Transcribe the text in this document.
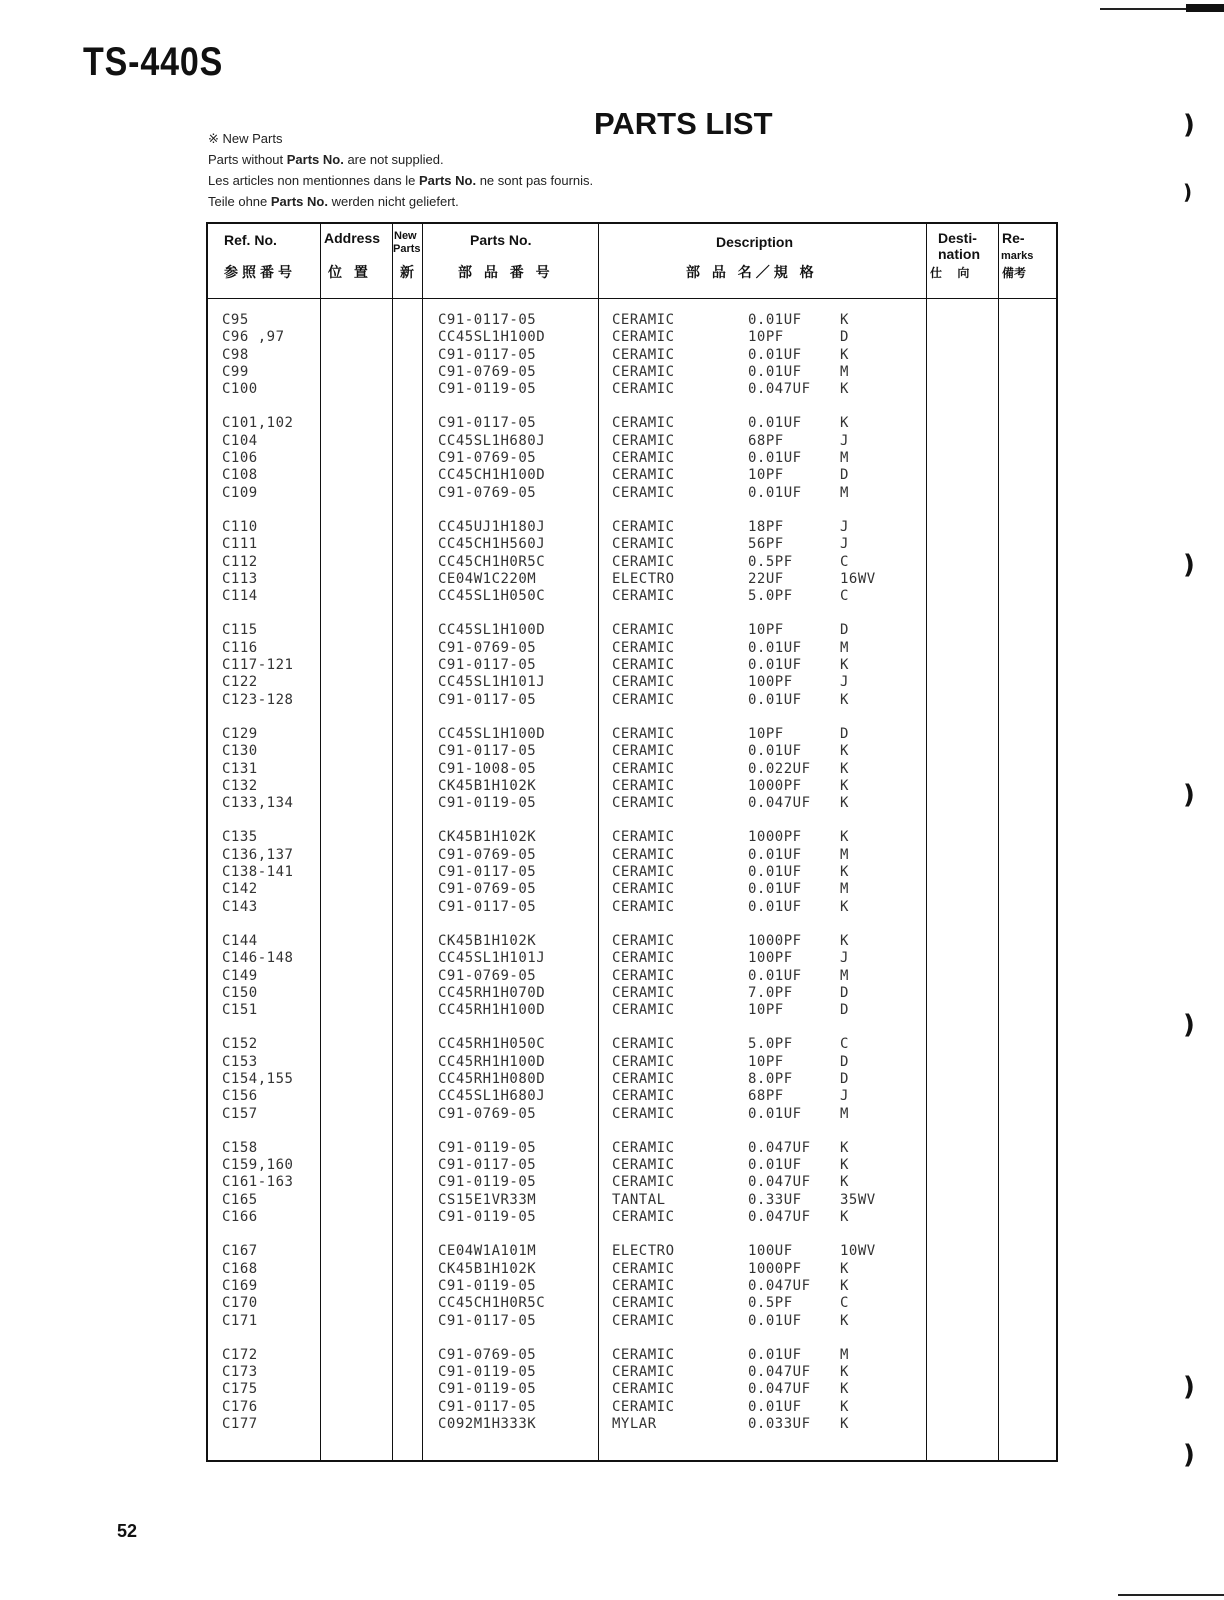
)
)
)
)
)
)
)
TS-440S
PARTS LIST
※ New Parts
Parts without Parts No. are not supplied.
Les articles non mentionnes dans le Parts No. ne sont pas fournis.
Teile ohne Parts No. werden nicht geliefert.
Ref. No.
参照番号
Address
位 置
New
Parts
新
Parts No.
部 品 番 号
Description
部 品 名／規 格
Desti-
nation
仕 向
Re-
marks
備考
C95	C91-0117-05	CERAMIC	0.01UF	K
C96 ,97	CC45SL1H100D	CERAMIC	10PF	D
C98	C91-0117-05	CERAMIC	0.01UF	K
C99	C91-0769-05	CERAMIC	0.01UF	M
C100	C91-0119-05	CERAMIC	0.047UF K
C101,102	C91-0117-05	CERAMIC	0.01UF	K
C104	CC45SL1H680J	CERAMIC	68PF	J
C106	C91-0769-05	CERAMIC	0.01UF	M
C108	CC45CH1H100D	CERAMIC	10PF	D
C109	C91-0769-05	CERAMIC	0.01UF	M
C110	CC45UJ1H180J	CERAMIC	18PF	J
C111	CC45CH1H560J	CERAMIC	56PF	J
C112	CC45CH1H0R5C	CERAMIC	0.5PF	C
C113	CE04W1C220M	ELECTRO	22UF	16WV
C114	CC45SL1H050C	CERAMIC	5.0PF	C
C115	CC45SL1H100D	CERAMIC	10PF	D
C116	C91-0769-05	CERAMIC	0.01UF	M
C117-121	C91-0117-05	CERAMIC	0.01UF	K
C122	CC45SL1H101J	CERAMIC	100PF	J
C123-128	C91-0117-05	CERAMIC	0.01UF	K
C129	CC45SL1H100D	CERAMIC	10PF	D
C130	C91-0117-05	CERAMIC	0.01UF	K
C131	C91-1008-05	CERAMIC	0.022UF K
C132	CK45B1H102K	CERAMIC	1000PF	K
C133,134	C91-0119-05	CERAMIC	0.047UF K
C135	CK45B1H102K	CERAMIC	1000PF	K
C136,137	C91-0769-05	CERAMIC	0.01UF	M
C138-141	C91-0117-05	CERAMIC	0.01UF	K
C142	C91-0769-05	CERAMIC	0.01UF	M
C143	C91-0117-05	CERAMIC	0.01UF	K
C144	CK45B1H102K	CERAMIC	1000PF	K
C146-148	CC45SL1H101J	CERAMIC	100PF	J
C149	C91-0769-05	CERAMIC	0.01UF	M
C150	CC45RH1H070D	CERAMIC	7.0PF	D
C151	CC45RH1H100D	CERAMIC	10PF	D
C152	CC45RH1H050C	CERAMIC	5.0PF	C
C153	CC45RH1H100D	CERAMIC	10PF	D
C154,155	CC45RH1H080D	CERAMIC	8.0PF	D
C156	CC45SL1H680J	CERAMIC	68PF	J
C157	C91-0769-05	CERAMIC	0.01UF	M
C158	C91-0119-05	CERAMIC	0.047UF K
C159,160	C91-0117-05	CERAMIC	0.01UF	K
C161-163	C91-0119-05	CERAMIC	0.047UF K
C165	CS15E1VR33M	TANTAL	0.33UF	35WV
C166	C91-0119-05	CERAMIC	0.047UF K
C167	CE04W1A101M	ELECTRO	100UF	10WV
C168	CK45B1H102K	CERAMIC	1000PF	K
C169	C91-0119-05	CERAMIC	0.047UF K
C170	CC45CH1H0R5C	CERAMIC	0.5PF	C
C171	C91-0117-05	CERAMIC	0.01UF	K
C172	C91-0769-05	CERAMIC	0.01UF	M
C173	C91-0119-05	CERAMIC	0.047UF K
C175	C91-0119-05	CERAMIC	0.047UF K
C176	C91-0117-05	CERAMIC	0.01UF	K
C177	C092M1H333K	MYLAR	0.033UF K
52
